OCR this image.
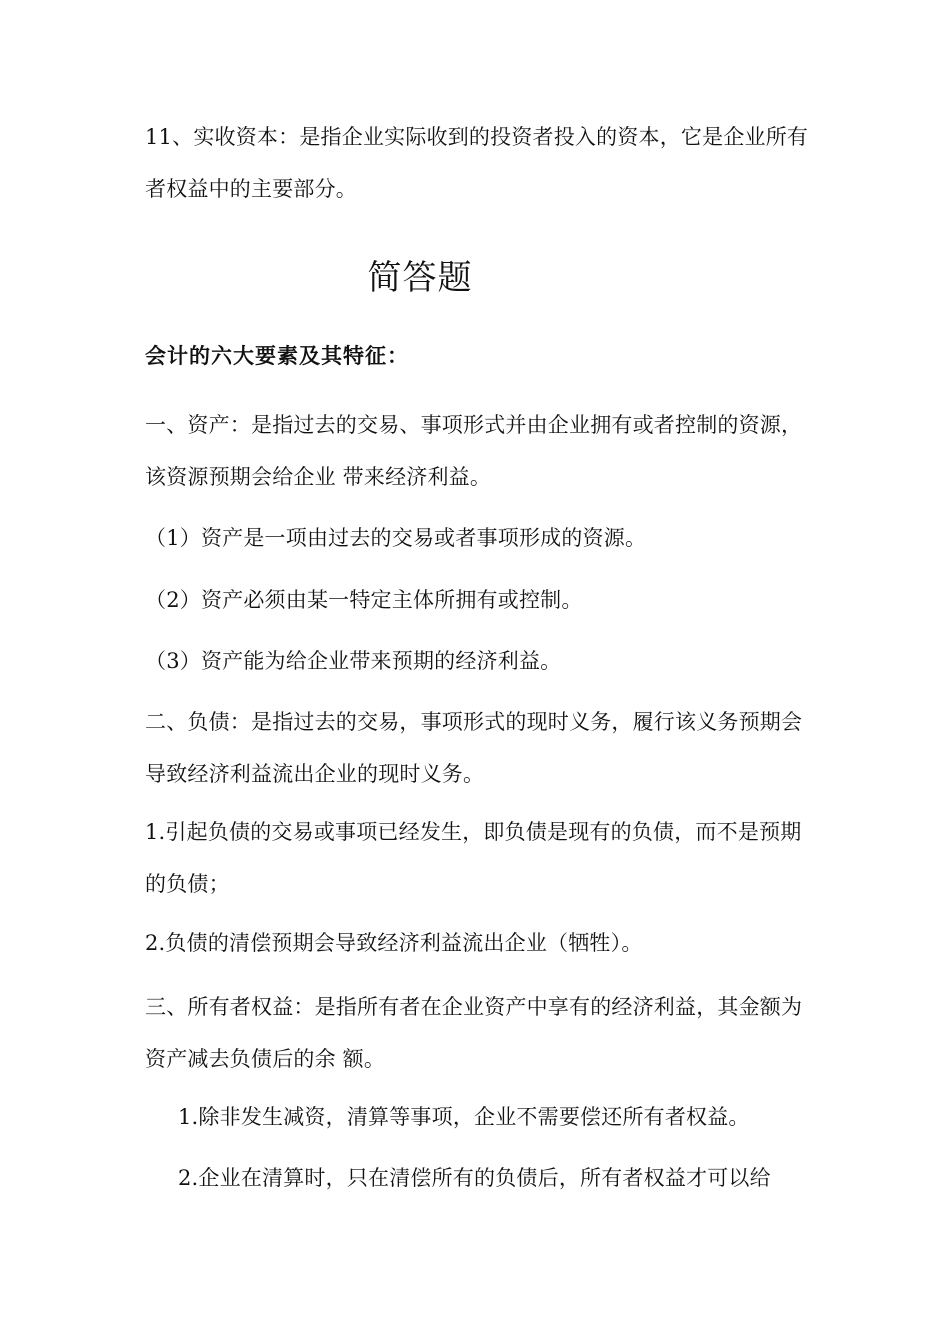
11、实收资本：是指企业实际收到的投资者投入的资本，它是企业所有者权益中的主要部分。

简答题
会计的六大要素及其特征：

一、资产：是指过去的交易、事项形式并由企业拥有或者控制的资源，该资源预期会给企业 带来经济利益。

（1）资产是一项由过去的交易或者事项形成的资源。

（2）资产必须由某一特定主体所拥有或控制。

（3）资产能为给企业带来预期的经济利益。

二、负债：是指过去的交易，事项形式的现时义务，履行该义务预期会导致经济利益流出企业的现时义务。

1.引起负债的交易或事项已经发生，即负债是现有的负债，而不是预期的负债；

2.负债的清偿预期会导致经济利益流出企业（牺牲）。

三、所有者权益：是指所有者在企业资产中享有的经济利益，其金额为资产减去负债后的余 额。

1.除非发生减资，清算等事项，企业不需要偿还所有者权益。

2.企业在清算时，只在清偿所有的负债后，所有者权益才可以给
